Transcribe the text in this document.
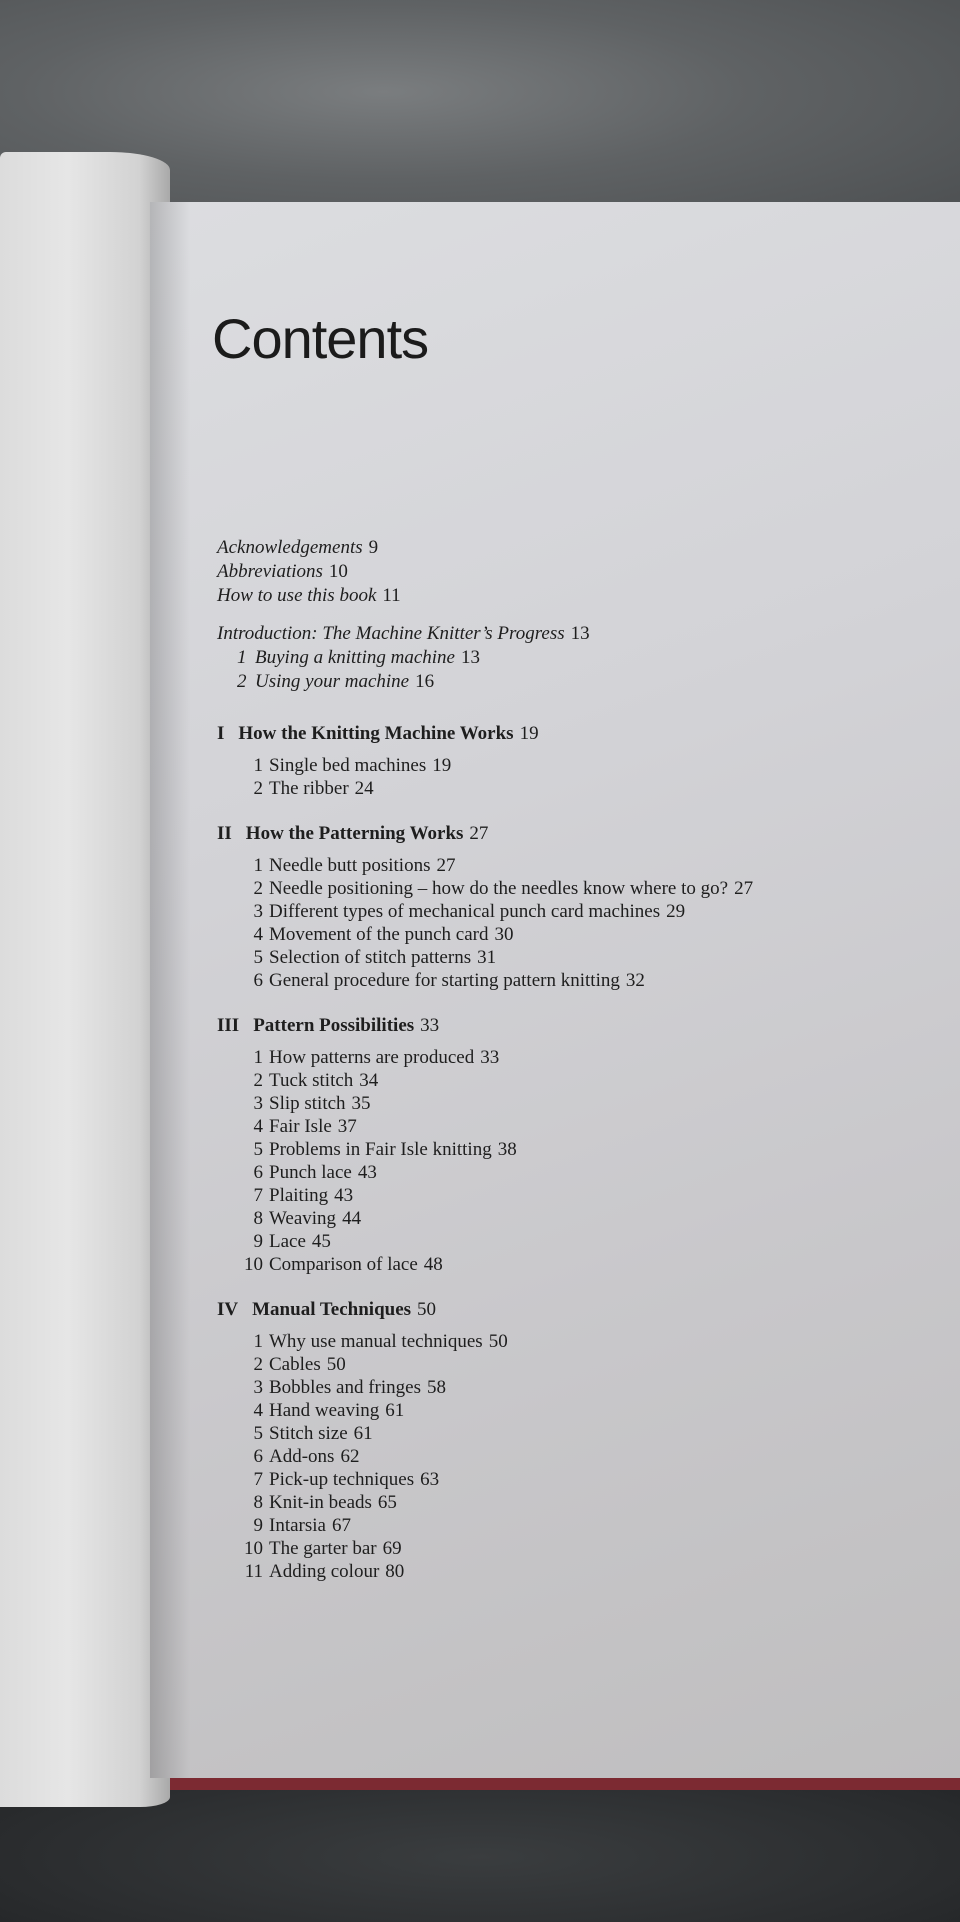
Contents
Acknowledgements 9
Abbreviations 10
How to use this book 11
Introduction: The Machine Knitter’s Progress 13
1 Buying a knitting machine 13
2 Using your machine 16
I How the Knitting Machine Works 19
1 Single bed machines 19
2 The ribber 24
II How the Patterning Works 27
1 Needle butt positions 27
2 Needle positioning – how do the needles know where to go? 27
3 Different types of mechanical punch card machines 29
4 Movement of the punch card 30
5 Selection of stitch patterns 31
6 General procedure for starting pattern knitting 32
III Pattern Possibilities 33
1 How patterns are produced 33
2 Tuck stitch 34
3 Slip stitch 35
4 Fair Isle 37
5 Problems in Fair Isle knitting 38
6 Punch lace 43
7 Plaiting 43
8 Weaving 44
9 Lace 45
10 Comparison of lace 48
IV Manual Techniques 50
1 Why use manual techniques 50
2 Cables 50
3 Bobbles and fringes 58
4 Hand weaving 61
5 Stitch size 61
6 Add-ons 62
7 Pick-up techniques 63
8 Knit-in beads 65
9 Intarsia 67
10 The garter bar 69
11 Adding colour 80
